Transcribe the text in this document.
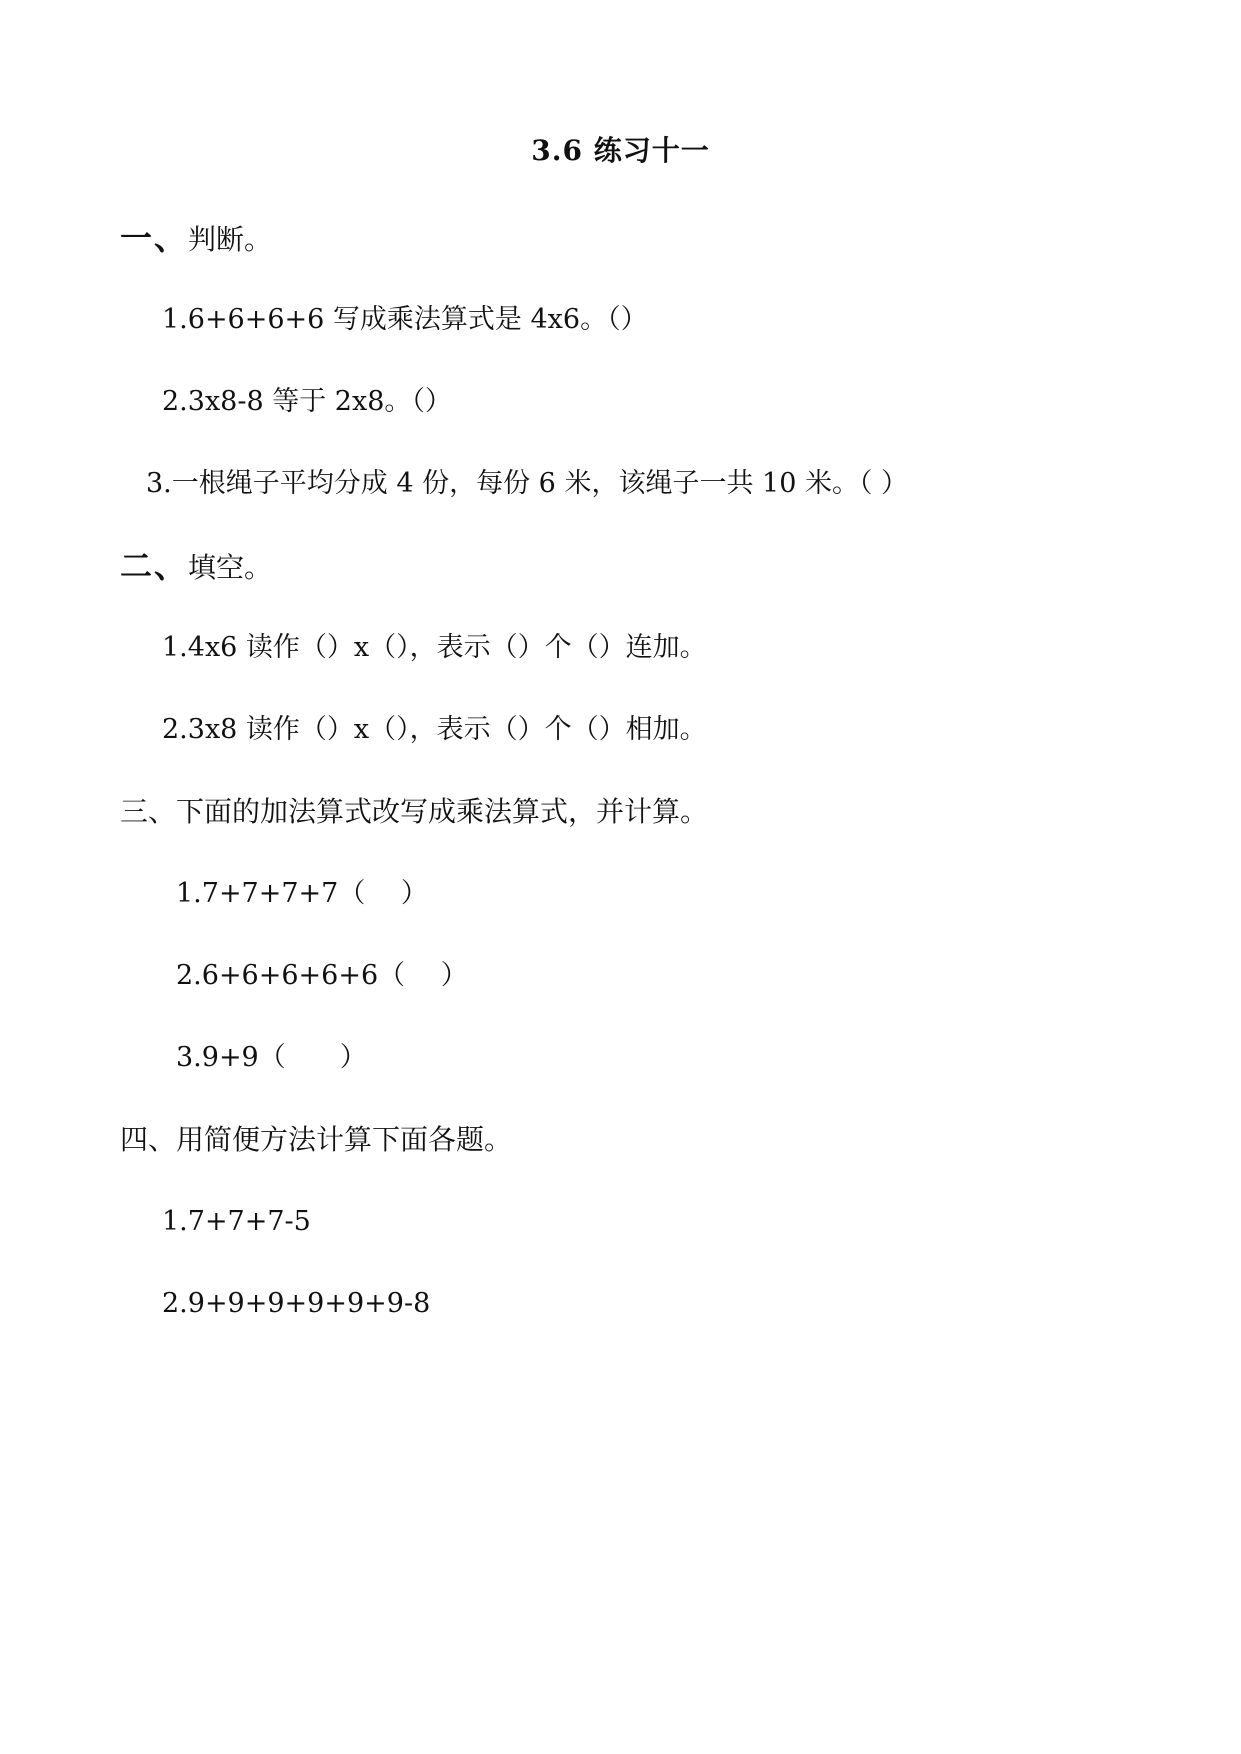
3.6 练习十一
一、判断。
1.6+6+6+6 写成乘法算式是 4x6。（）
2.3x8-8 等于 2x8。（）
3.一根绳子平均分成 4 份，每份 6 米，该绳子一共 10 米。（ ）
二、填空。
1.4x6 读作（）x（），表示（）个（）连加。
2.3x8 读作（）x（），表示（）个（）相加。
三、下面的加法算式改写成乘法算式，并计算。
1.7+7+7+7（　 ）
2.6+6+6+6+6（　 ）
3.9+9（　　）
四、用简便方法计算下面各题。
1.7+7+7-5
2.9+9+9+9+9+9-8
